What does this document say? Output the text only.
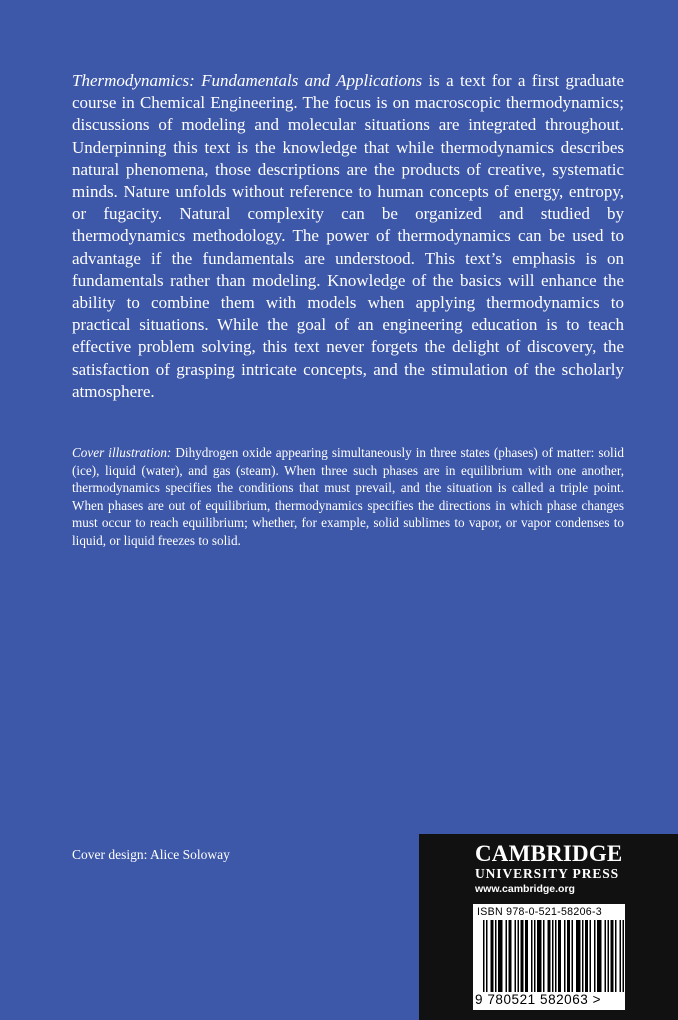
Thermodynamics: Fundamentals and Applications is a text for a first graduate course in Chemical Engineering. The focus is on macroscopic thermodynamics; discussions of modeling and molecular situations are integrated throughout. Underpinning this text is the knowledge that while thermodynamics describes natural phenomena, those descriptions are the products of creative, systematic minds. Nature unfolds without reference to human concepts of energy, entropy, or fugacity. Natural complexity can be organized and studied by thermodynamics methodology. The power of thermodynamics can be used to advantage if the fundamentals are understood. This text’s emphasis is on fundamentals rather than modeling. Knowledge of the basics will enhance the ability to combine them with models when applying thermodynamics to practical situations. While the goal of an engineering education is to teach effective problem solving, this text never forgets the delight of discovery, the satisfaction of grasping intricate concepts, and the stimulation of the scholarly atmosphere.

Cover illustration: Dihydrogen oxide appearing simultaneously in three states (phases) of matter: solid (ice), liquid (water), and gas (steam). When three such phases are in equilibrium with one another, thermodynamics specifies the conditions that must prevail, and the situation is called a triple point. When phases are out of equilibrium, thermodynamics specifies the directions in which phase changes must occur to reach equilibrium; whether, for example, solid sublimes to vapor, or vapor condenses to liquid, or liquid freezes to solid.

Cover design: Alice Soloway	CAMBRIDGE
UNIVERSITY PRESS
www.cambridge.org
ISBN 978-0-521-58206-3
9 780521 582063 >
